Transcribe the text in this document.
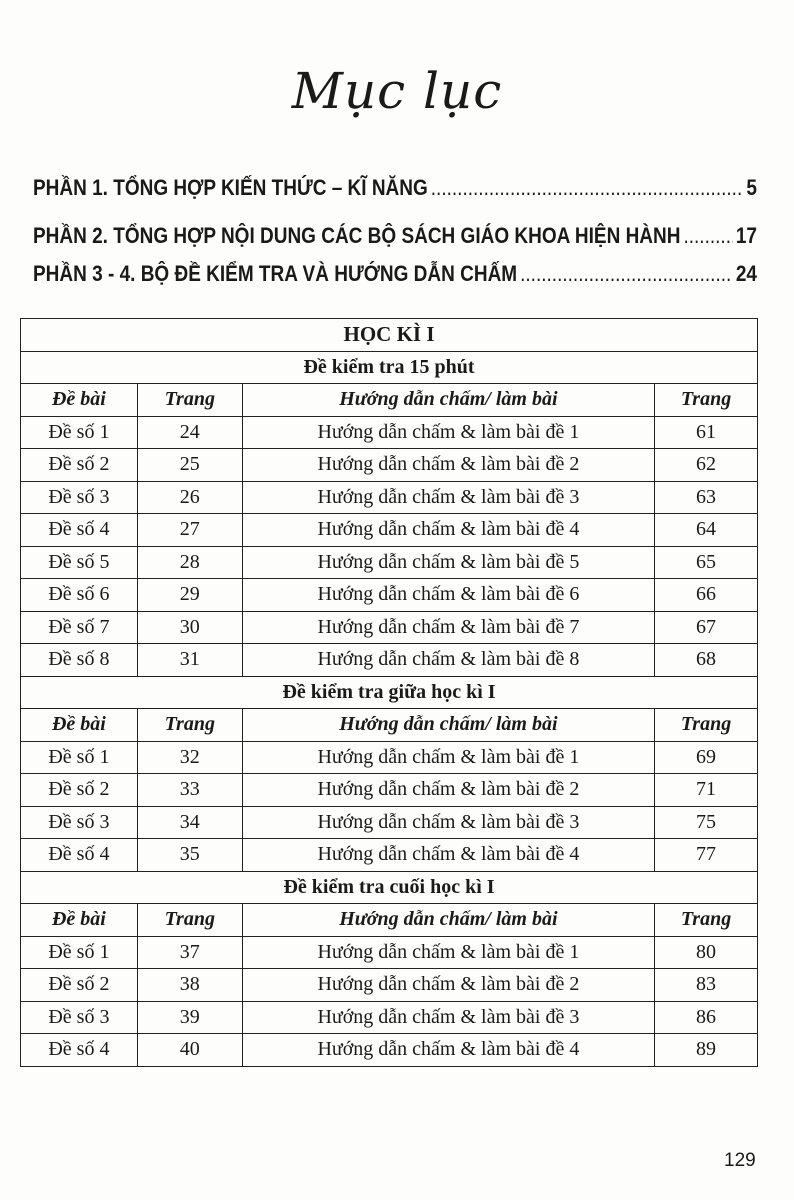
Mục lục
PHẦN 1. TỔNG HỢP KIẾN THỨC – KĨ NĂNG .....	5
PHẦN 2. TỔNG HỢP NỘI DUNG CÁC BỘ SÁCH GIÁO KHOA HIỆN HÀNH .....	17
PHẦN 3 - 4. BỘ ĐỀ KIỂM TRA VÀ HƯỚNG DẪN CHẤM .....	24
HỌC KÌ I			
Đề kiểm tra 15 phút			
Đề bài	Trang	Hướng dẫn chấm/ làm bài	Trang
Đề số 1	24	Hướng dẫn chấm & làm bài đề 1	61
Đề số 2	25	Hướng dẫn chấm & làm bài đề 2	62
Đề số 3	26	Hướng dẫn chấm & làm bài đề 3	63
Đề số 4	27	Hướng dẫn chấm & làm bài đề 4	64
Đề số 5	28	Hướng dẫn chấm & làm bài đề 5	65
Đề số 6	29	Hướng dẫn chấm & làm bài đề 6	66
Đề số 7	30	Hướng dẫn chấm & làm bài đề 7	67
Đề số 8	31	Hướng dẫn chấm & làm bài đề 8	68
Đề kiểm tra giữa học kì I			
Đề bài	Trang	Hướng dẫn chấm/ làm bài	Trang
Đề số 1	32	Hướng dẫn chấm & làm bài đề 1	69
Đề số 2	33	Hướng dẫn chấm & làm bài đề 2	71
Đề số 3	34	Hướng dẫn chấm & làm bài đề 3	75
Đề số 4	35	Hướng dẫn chấm & làm bài đề 4	77
Đề kiểm tra cuối học kì I			
Đề bài	Trang	Hướng dẫn chấm/ làm bài	Trang
Đề số 1	37	Hướng dẫn chấm & làm bài đề 1	80
Đề số 2	38	Hướng dẫn chấm & làm bài đề 2	83
Đề số 3	39	Hướng dẫn chấm & làm bài đề 3	86
Đề số 4	40	Hướng dẫn chấm & làm bài đề 4	89
129
